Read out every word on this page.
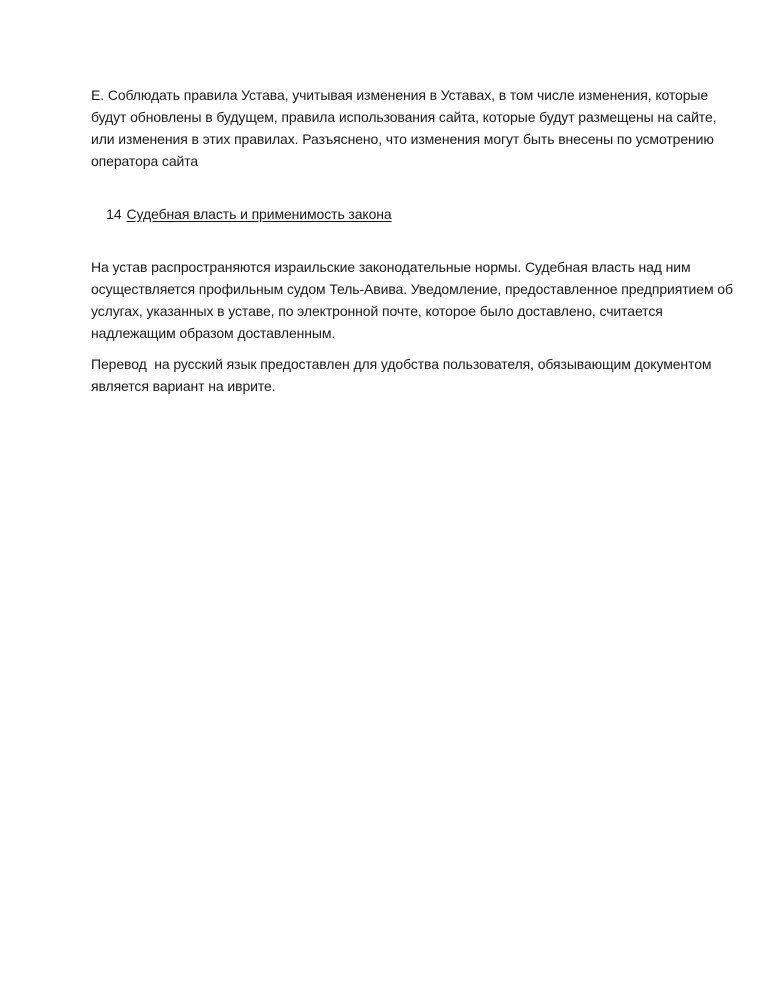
Е. Соблюдать правила Устава, учитывая изменения в Уставах, в том числе изменения, которые
будут обновлены в будущем, правила использования сайта, которые будут размещены на сайте,
или изменения в этих правилах. Разъяснено, что изменения могут быть внесены по усмотрению
оператора сайта

14 Судебная власть и применимость закона

На устав распространяются израильские законодательные нормы. Судебная власть над ним
осуществляется профильным судом Тель-Авива. Уведомление, предоставленное предприятием об
услугах, указанных в уставе, по электронной почте, которое было доставлено, считается
надлежащим образом доставленным.
Перевод  на русский язык предоставлен для удобства пользователя, обязывающим документом
является вариант на иврите.
